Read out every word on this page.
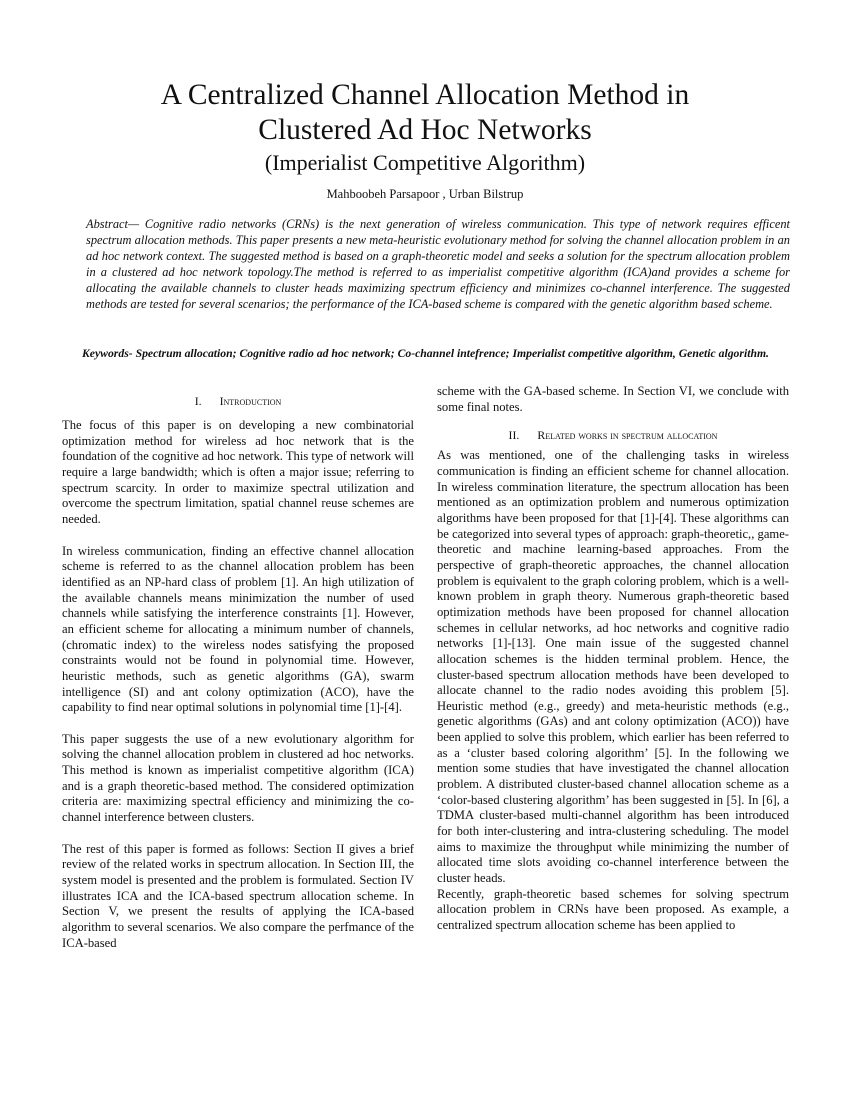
A Centralized Channel Allocation Method in
Clustered Ad Hoc Networks
(Imperialist Competitive Algorithm)
Mahboobeh Parsapoor , Urban Bilstrup

Abstract— Cognitive radio networks (CRNs) is the next generation of wireless communication. This type of network requires efficent spectrum allocation methods. This paper presents a new meta-heuristic evolutionary method for solving the channel allocation problem in an ad hoc network context. The suggested method is based on a graph-theoretic model and seeks a solution for the spectrum allocation problem in a clustered ad hoc network topology.The method is referred to as imperialist competitive algorithm (ICA)and provides a scheme for allocating the available channels to cluster heads maximizing spectrum efficiency and minimizes co-channel interference. The suggested methods are tested for several scenarios; the performance of the ICA-based scheme is compared with the genetic algorithm based scheme.

Keywords- Spectrum allocation; Cognitive radio ad hoc network; Co-channel intefrence; Imperialist competitive algorithm, Genetic algorithm.

I. Introduction

The focus of this paper is on developing a new combinatorial optimization method for wireless ad hoc network that is the foundation of the cognitive ad hoc network. This type of network will require a large bandwidth; which is often a major issue; referring to spectrum scarcity. In order to maximize spectral utilization and overcome the spectrum limitation, spatial channel reuse schemes are needed.

In wireless communication, finding an effective channel allocation scheme is referred to as the channel allocation problem has been identified as an NP-hard class of problem [1]. An high utilization of the available channels means minimization the number of used channels while satisfying the interference constraints [1]. However, an efficient scheme for allocating a minimum number of channels, (chromatic index) to the wireless nodes satisfying the proposed constraints would not be found in polynomial time. However, heuristic methods, such as genetic algorithms (GA), swarm intelligence (SI) and ant colony optimization (ACO), have the capability to find near optimal solutions in polynomial time [1]-[4].

This paper suggests the use of a new evolutionary algorithm for solving the channel allocation problem in clustered ad hoc networks. This method is known as imperialist competitive algorithm (ICA) and is a graph theoretic-based method. The considered optimization criteria are: maximizing spectral efficiency and minimizing the co-channel interference between clusters.

The rest of this paper is formed as follows: Section II gives a brief review of the related works in spectrum allocation. In Section III, the system model is presented and the problem is formulated. Section IV illustrates ICA and the ICA-based spectrum allocation scheme. In Section V, we present the results of applying the ICA-based algorithm to several scenarios. We also compare the perfmance of the ICA-based

scheme with the GA-based scheme. In Section VI, we conclude with some final notes.

II. Related works in spectrum allocation

As was mentioned, one of the challenging tasks in wireless communication is finding an efficient scheme for channel allocation. In wireless commination literature, the spectrum allocation has been mentioned as an optimization problem and numerous optimization algorithms have been proposed for that [1]-[4]. These algorithms can be categorized into several types of approach: graph-theoretic,, game-theoretic and machine learning-based approaches. From the perspective of graph-theoretic approaches, the channel allocation problem is equivalent to the graph coloring problem, which is a well-known problem in graph theory. Numerous graph-theoretic based optimization methods have been proposed for channel allocation schemes in cellular networks, ad hoc networks and cognitive radio networks [1]-[13]. One main issue of the suggested channel allocation schemes is the hidden terminal problem. Hence, the cluster-based spectrum allocation methods have been developed to allocate channel to the radio nodes avoiding this problem [5]. Heuristic method (e.g., greedy) and meta-heuristic methods (e.g., genetic algorithms (GAs) and ant colony optimization (ACO)) have been applied to solve this problem, which earlier has been referred to as a ‘cluster based coloring algorithm’ [5]. In the following we mention some studies that have investigated the channel allocation problem. A distributed cluster-based channel allocation scheme as a ‘color-based clustering algorithm’ has been suggested in [5]. In [6], a TDMA cluster-based multi-channel algorithm has been introduced for both inter-clustering and intra-clustering scheduling. The model aims to maximize the throughput while minimizing the number of allocated time slots avoiding co-channel interference between the cluster heads.

Recently, graph-theoretic based schemes for solving spectrum allocation problem in CRNs have been proposed. As example, a centralized spectrum allocation scheme has been applied to
